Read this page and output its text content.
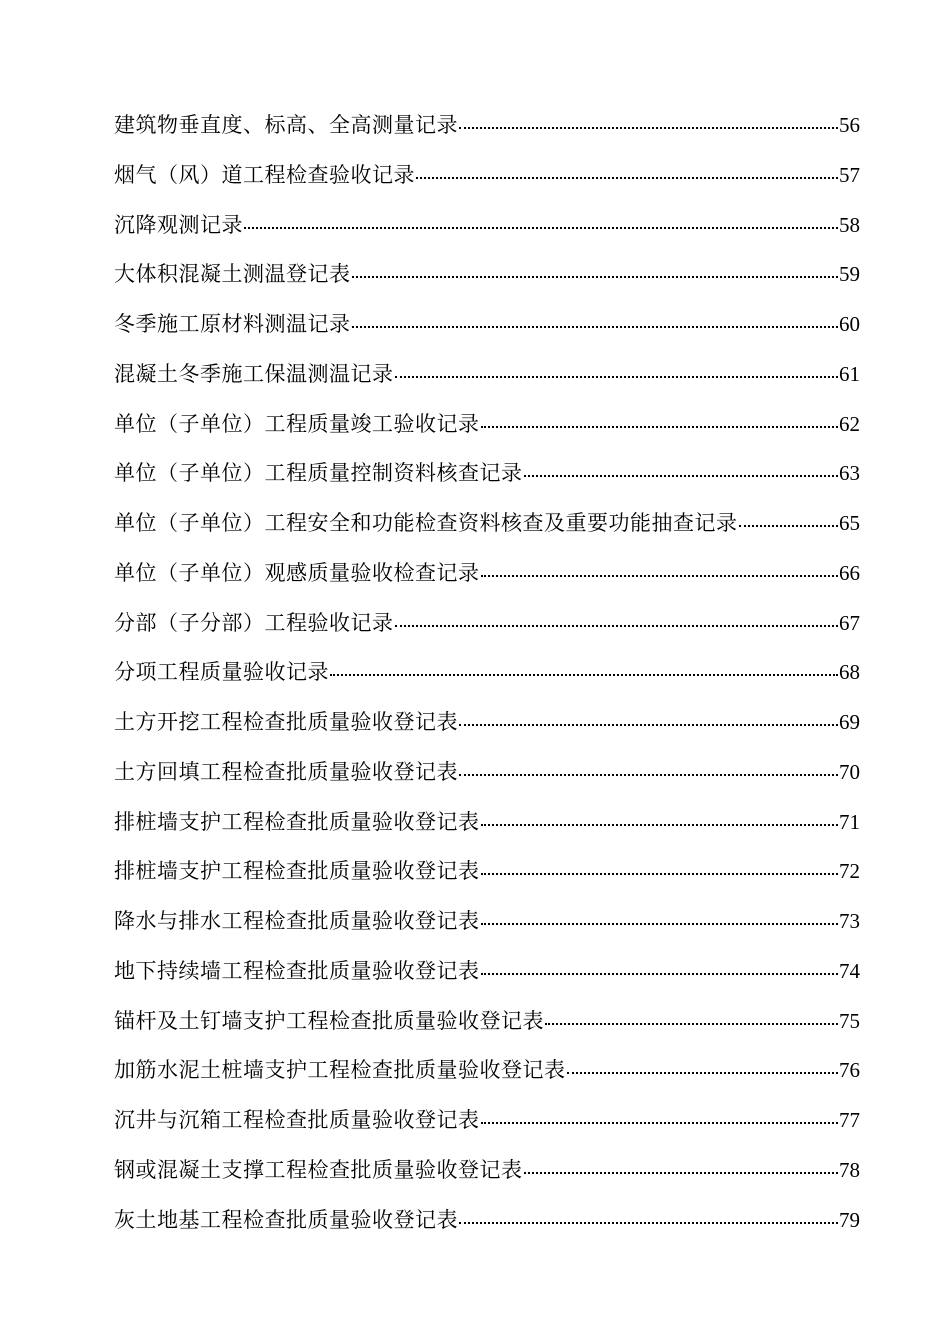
建筑物垂直度、标高、全高测量记录	56
烟气（风）道工程检查验收记录	57
沉降观测记录	58
大体积混凝土测温登记表	59
冬季施工原材料测温记录	60
混凝土冬季施工保温测温记录	61
单位（子单位）工程质量竣工验收记录	62
单位（子单位）工程质量控制资料核查记录	63
单位（子单位）工程安全和功能检查资料核查及重要功能抽查记录	65
单位（子单位）观感质量验收检查记录	66
分部（子分部）工程验收记录	67
分项工程质量验收记录	68
土方开挖工程检查批质量验收登记表	69
土方回填工程检查批质量验收登记表	70
排桩墙支护工程检查批质量验收登记表	71
排桩墙支护工程检查批质量验收登记表	72
降水与排水工程检查批质量验收登记表	73
地下持续墙工程检查批质量验收登记表	74
锚杆及土钉墙支护工程检查批质量验收登记表	75
加筋水泥土桩墙支护工程检查批质量验收登记表	76
沉井与沉箱工程检查批质量验收登记表	77
钢或混凝土支撑工程检查批质量验收登记表	78
灰土地基工程检查批质量验收登记表	79
